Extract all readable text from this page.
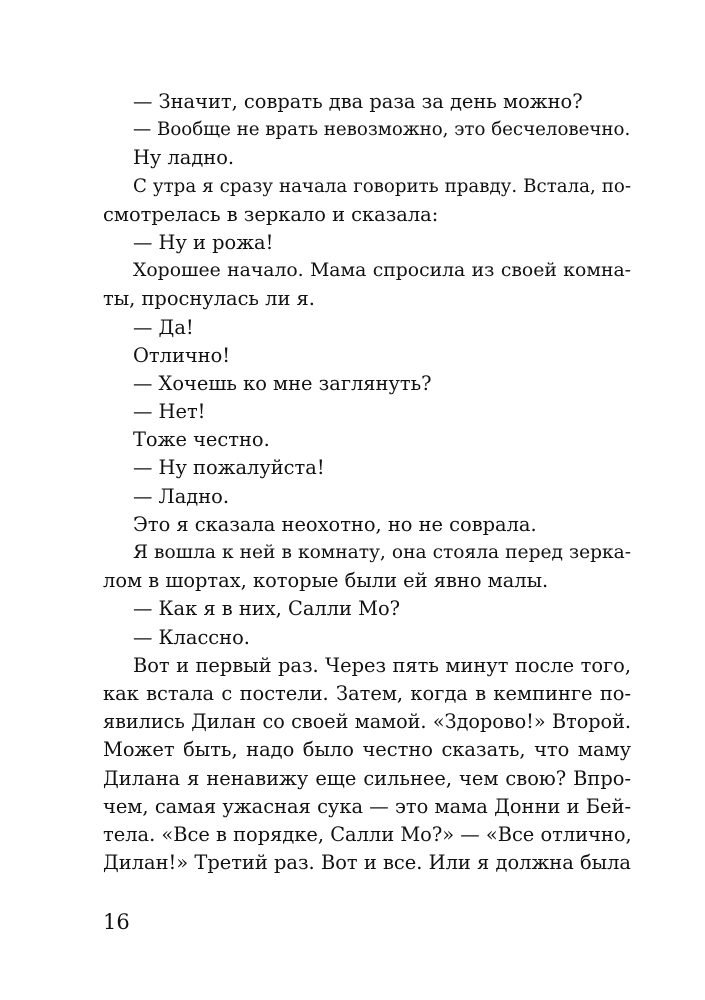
— Значит, соврать два раза за день можно?
— Вообще не врать невозможно, это бесчеловечно.
Ну ладно.
С утра я сразу начала говорить правду. Встала, по-
смотрелась в зеркало и сказала:
— Ну и рожа!
Хорошее начало. Мама спросила из своей комна-
ты, проснулась ли я.
— Да!
Отлично!
— Хочешь ко мне заглянуть?
— Нет!
Тоже честно.
— Ну пожалуйста!
— Ладно.
Это я сказала неохотно, но не соврала.
Я вошла к ней в комнату, она стояла перед зерка-
лом в шортах, которые были ей явно малы.
— Как я в них, Салли Мо?
— Классно.
Вот и первый раз. Через пять минут после того,
как встала с постели. Затем, когда в кемпинге по-
явились Дилан со своей мамой. «Здорово!» Второй.
Может быть, надо было честно сказать, что маму
Дилана я ненавижу еще сильнее, чем свою? Впро-
чем, самая ужасная сука — это мама Донни и Бей-
тела. «Все в порядке, Салли Мо?» — «Все отлично,
Дилан!» Третий раз. Вот и все. Или я должна была
16
